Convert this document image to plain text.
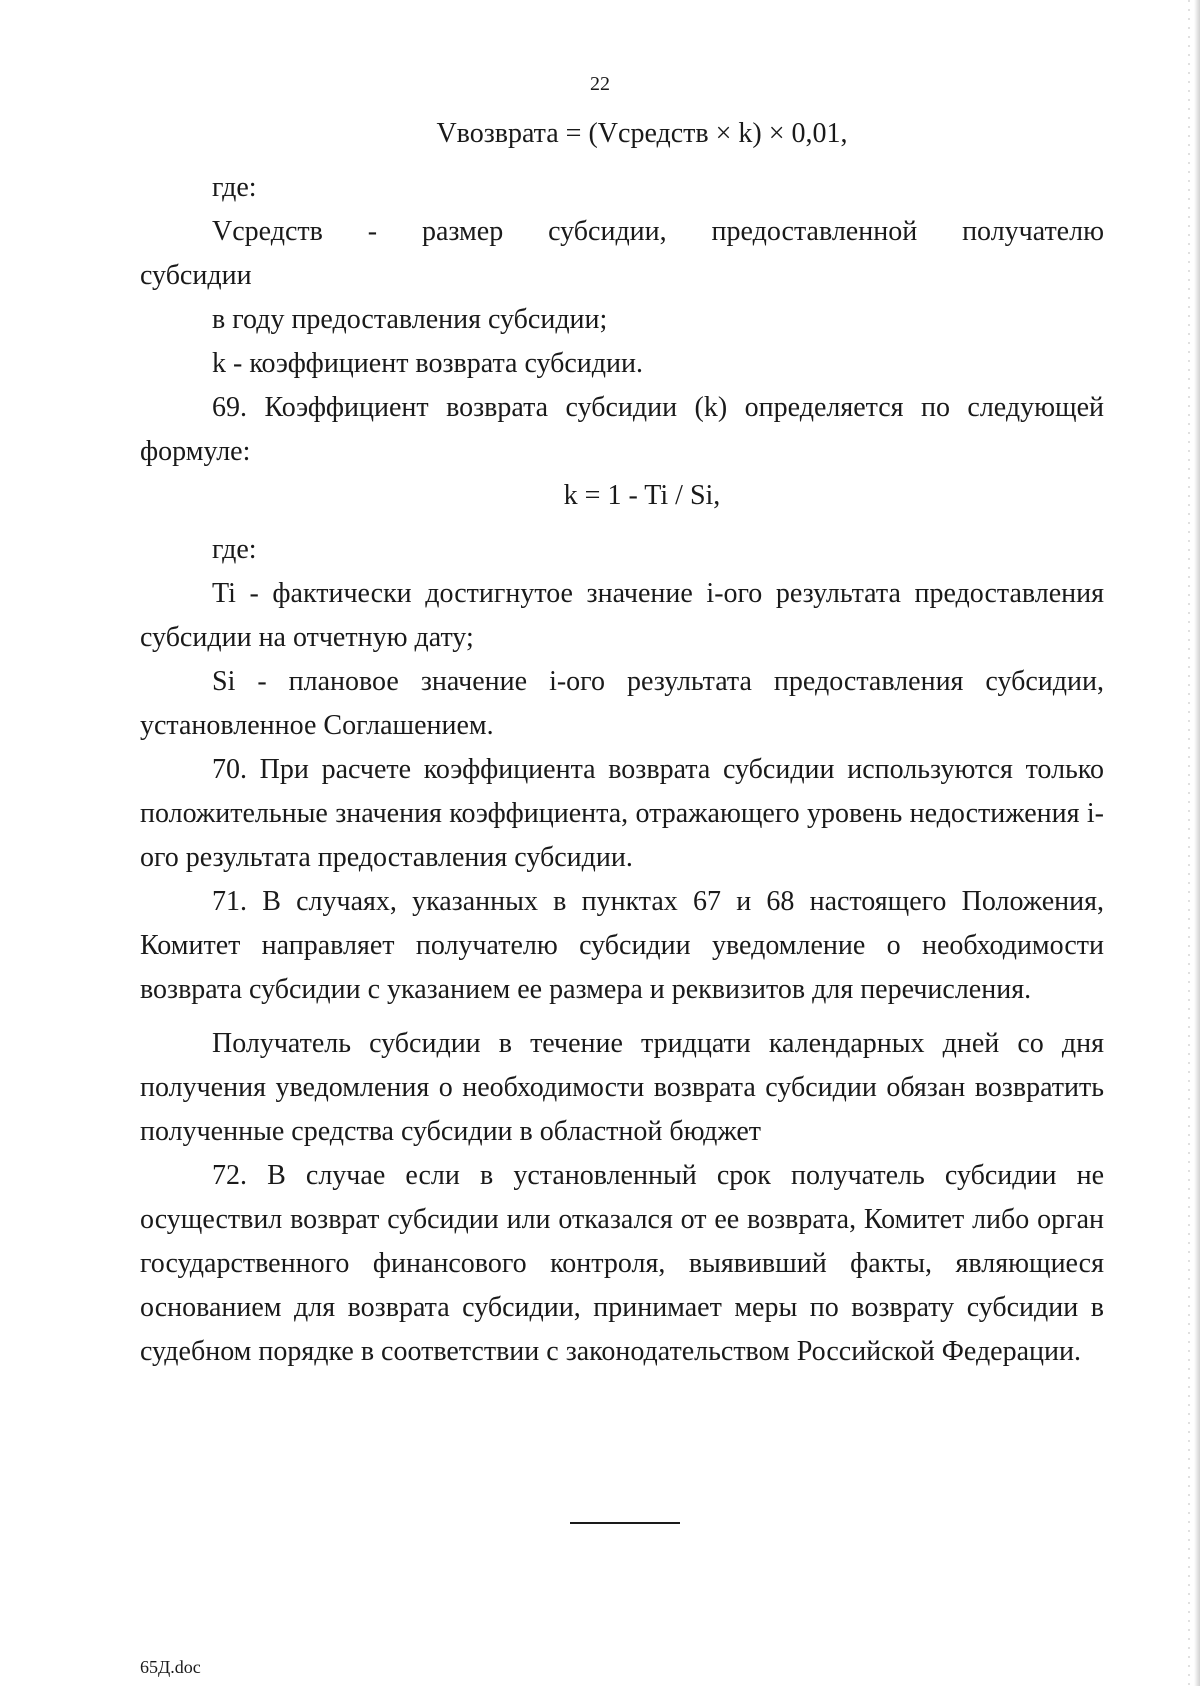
22

Vвозврата = (Vсредств × k) × 0,01,

где:

Vсредств - размер субсидии, предоставленной получателю

субсидии

в году предоставления субсидии;

k - коэффициент возврата субсидии.

69. Коэффициент возврата субсидии (k) определяется по следующей формуле:

k = 1 - Ti / Si,

где:

Ti - фактически достигнутое значение i-ого результата предоставления субсидии на отчетную дату;

Si - плановое значение i-ого результата предоставления субсидии, установленное Соглашением.

70. При расчете коэффициента возврата субсидии используются только положительные значения коэффициента, отражающего уровень недостижения i-ого результата предоставления субсидии.

71. В случаях, указанных в пунктах 67 и 68 настоящего Положения, Комитет направляет получателю субсидии уведомление о необходимости возврата субсидии с указанием ее размера и реквизитов для перечисления.

Получатель субсидии в течение тридцати календарных дней со дня получения уведомления о необходимости возврата субсидии обязан возвратить полученные средства субсидии в областной бюджет

72. В случае если в установленный срок получатель субсидии не осуществил возврат субсидии или отказался от ее возврата, Комитет либо орган государственного финансового контроля, выявивший факты, являющиеся основанием для возврата субсидии, принимает меры по возврату субсидии в судебном порядке в соответствии с законодательством Российской Федерации.

65Д.doc
